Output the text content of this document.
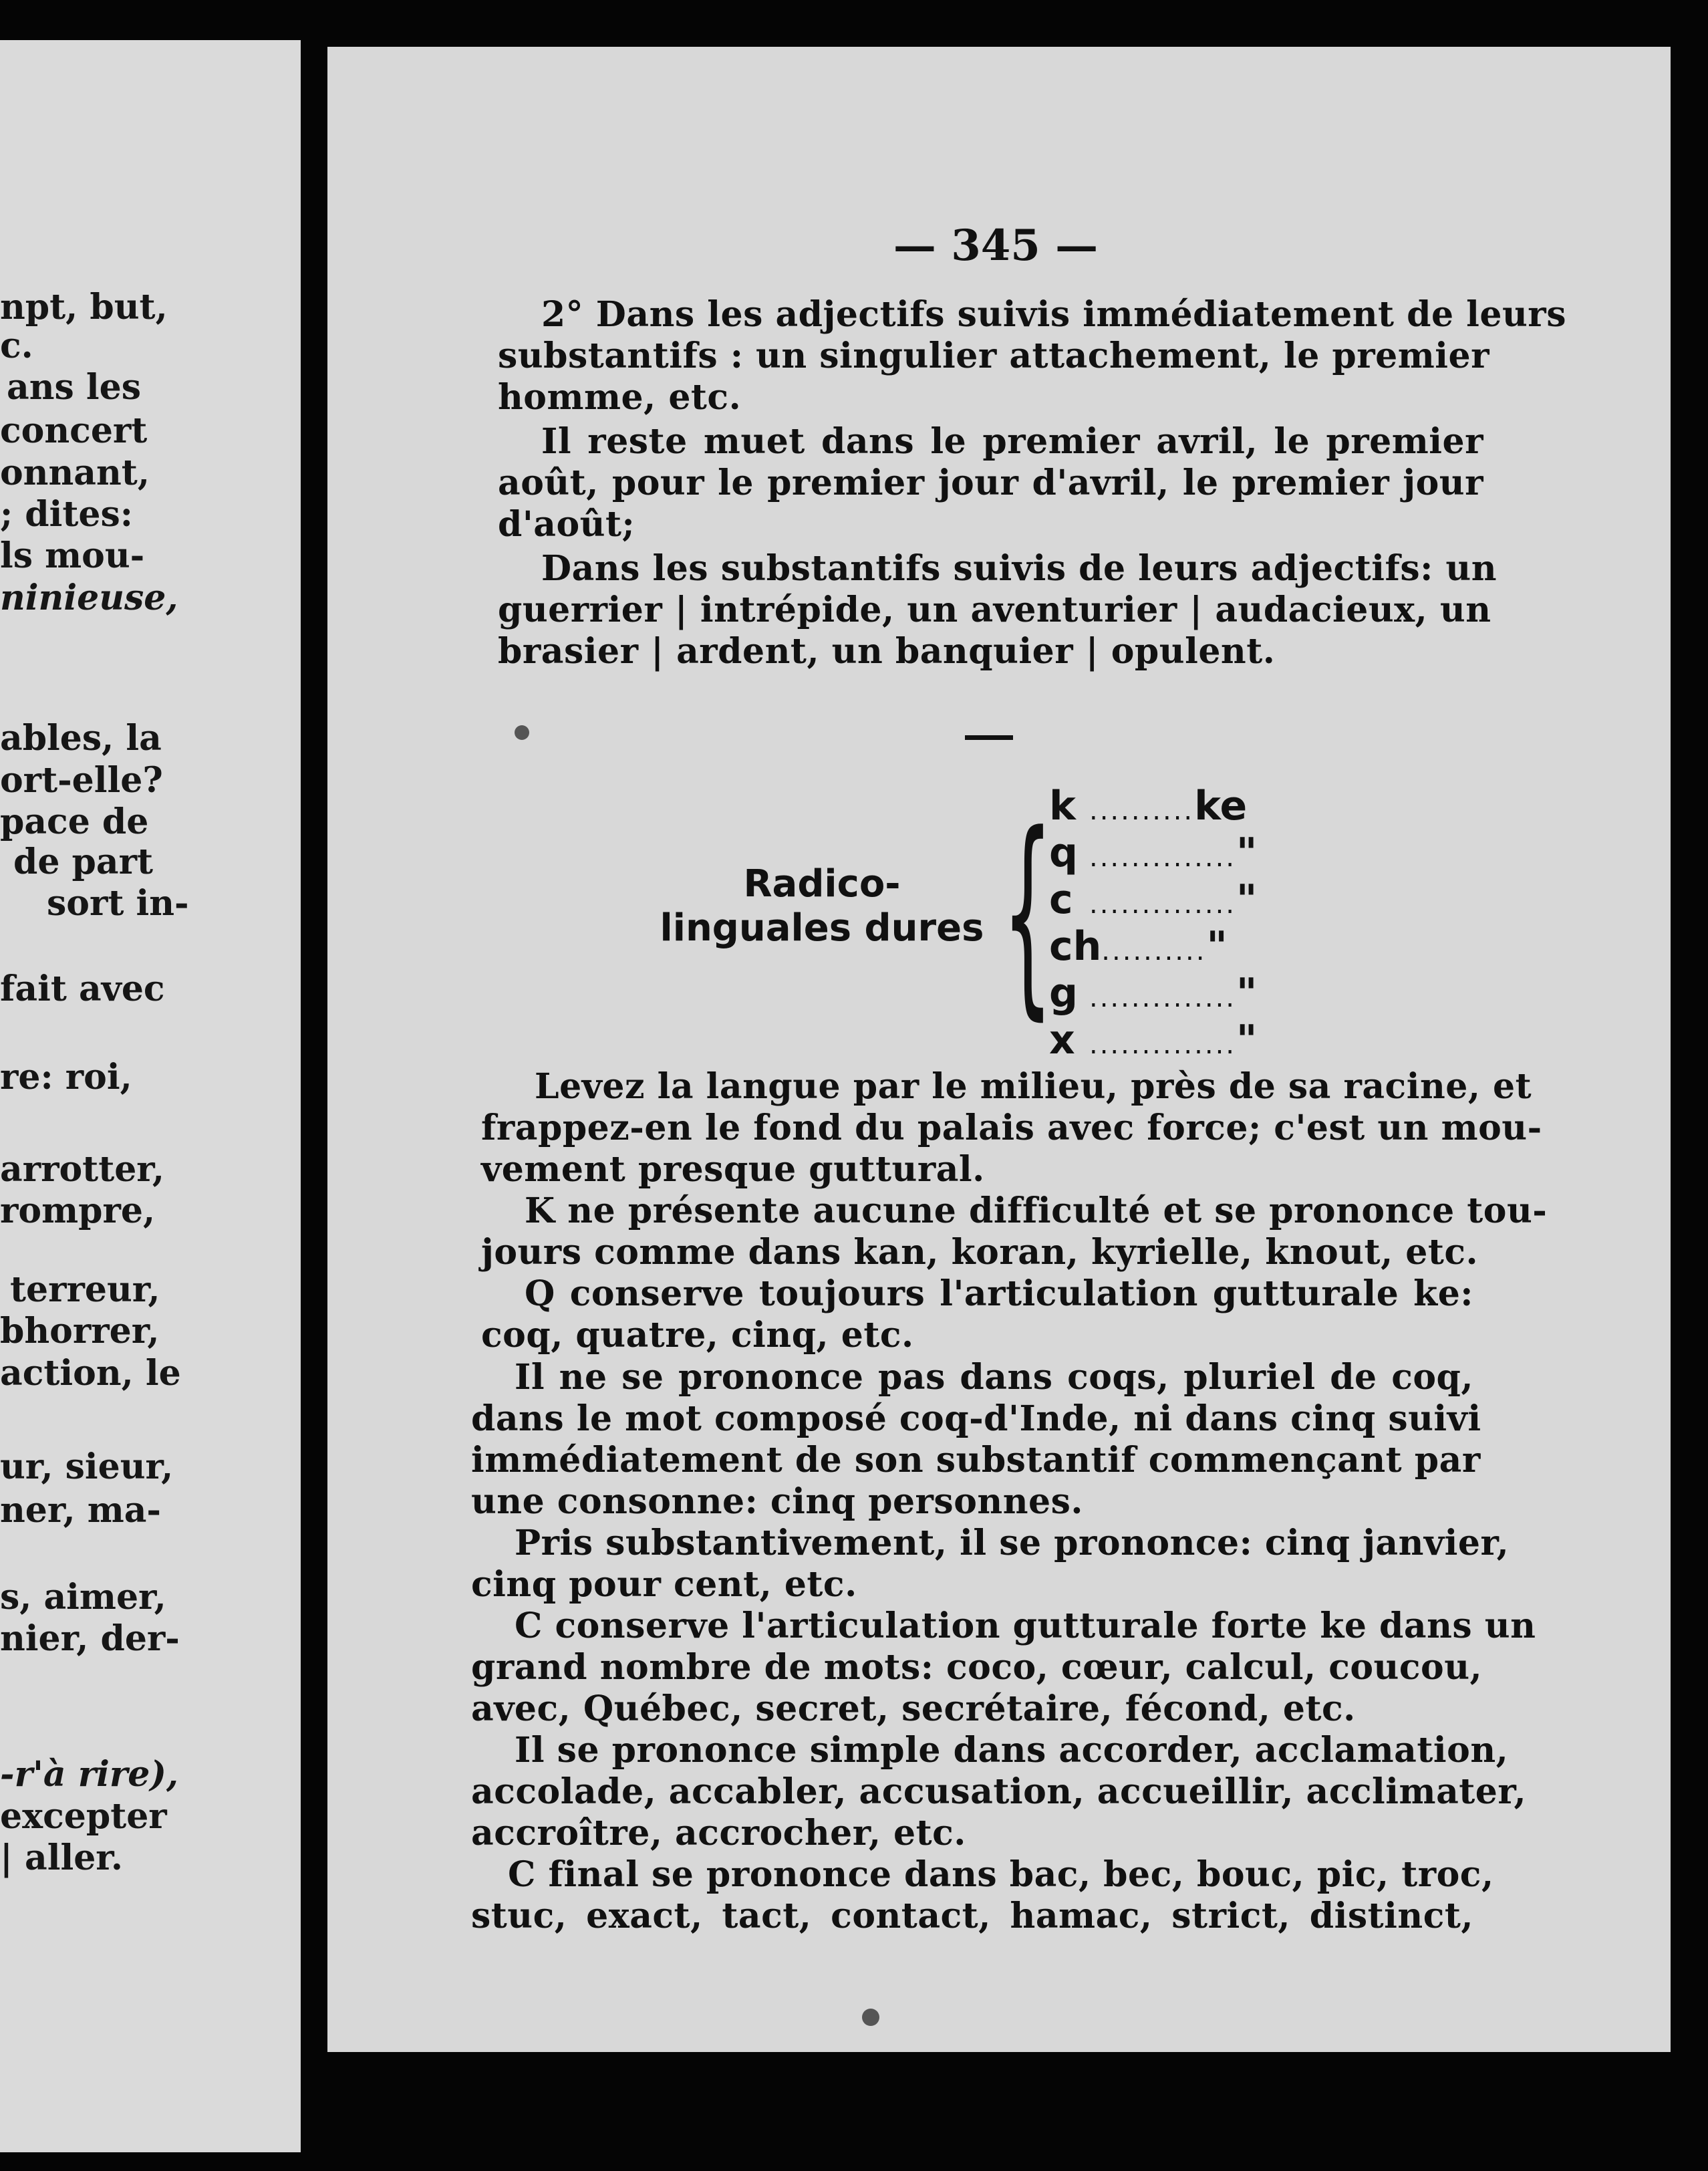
npt, but,
c.
ans les
concert
onnant,
; dites:
ls mou-
ninieuse,
ables, la
ort-elle?
pace de
de part
sort in-
fait avec
re: roi,
arrotter,
rompre,
terreur,
bhorrer,
action, le
ur, sieur,
ner, ma-
s, aimer,
nier, der-
-r'à rire),
excepter
| aller.
— 345 —
2° Dans les adjectifs suivis immédiatement de leurs
substantifs : un singulier attachement, le premier
homme, etc.
Il reste muet dans le premier avril, le premier
août, pour le premier jour d'avril, le premier jour
d'août;
Dans les substantifs suivis de leurs adjectifs: un
guerrier | intrépide, un aventurier | audacieux, un
brasier | ardent, un banquier | opulent.
Radico-
linguales dures {
k ..........ke
q .............."
c .............."
ch.........."
g .............."
x .............."
Levez la langue par le milieu, près de sa racine, et
frappez-en le fond du palais avec force; c'est un mou-
vement presque guttural.
K ne présente aucune difficulté et se prononce tou-
jours comme dans kan, koran, kyrielle, knout, etc.
Q conserve toujours l'articulation gutturale ke:
coq, quatre, cinq, etc.
Il ne se prononce pas dans coqs, pluriel de coq,
dans le mot composé coq-d'Inde, ni dans cinq suivi
immédiatement de son substantif commençant par
une consonne: cinq personnes.
Pris substantivement, il se prononce: cinq janvier,
cinq pour cent, etc.
C conserve l'articulation gutturale forte ke dans un
grand nombre de mots: coco, cœur, calcul, coucou,
avec, Québec, secret, secrétaire, fécond, etc.
Il se prononce simple dans accorder, acclamation,
accolade, accabler, accusation, accueillir, acclimater,
accroître, accrocher, etc.
C final se prononce dans bac, bec, bouc, pic, troc,
stuc, exact, tact, contact, hamac, strict, distinct,
